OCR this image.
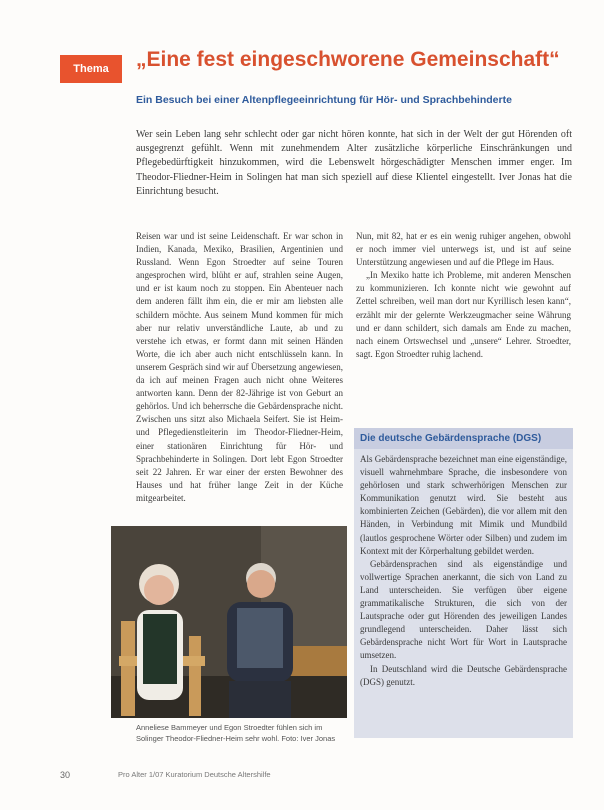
Thema	„Eine fest eingeschworene Gemeinschaft“
Ein Besuch bei einer Altenpflegeeinrichtung für Hör- und Sprachbehinderte

Wer sein Leben lang sehr schlecht oder gar nicht hören konnte, hat sich in der Welt der gut Hörenden oft ausgegrenzt gefühlt. Wenn mit zunehmendem Alter zusätzliche körperliche Einschränkungen und Pflegebedürftigkeit hinzukommen, wird die Lebenswelt hörgeschädigter Menschen immer enger. Im Theodor-Fliedner-Heim in Solingen hat man sich speziell auf diese Klientel eingestellt. Iver Jonas hat die Einrichtung besucht.

Reisen war und ist seine Leidenschaft. Er war schon in Indien, Kanada, Mexiko, Brasilien, Argentinien und Russland. Wenn Egon Stroedter auf seine Touren angesprochen wird, blüht er auf, strahlen seine Augen, und er ist kaum noch zu stoppen. Ein Abenteuer nach dem anderen fällt ihm ein, die er mir am liebsten alle schildern möchte. Aus seinem Mund kommen für mich aber nur relativ unverständliche Laute, ab und zu verstehe ich etwas, er formt dann mit seinen Händen Worte, die ich aber auch nicht entschlüsseln kann. In unserem Gespräch sind wir auf Übersetzung angewiesen, da ich auf meinen Fragen auch nicht ohne Weiteres antworten kann. Denn der 82-Jährige ist von Geburt an gehörlos. Und ich beherrsche die Gebärdensprache nicht. Zwischen uns sitzt also Michaela Seifert. Sie ist Heim- und Pflegedienstleiterin im Theodor-Fliedner-Heim, einer stationären Einrichtung für Hör- und Sprachbehinderte in Solingen. Dort lebt Egon Stroedter seit 22 Jahren. Er war einer der ersten Bewohner des Hauses und hat früher lange Zeit in der Küche mitgearbeitet.

Nun, mit 82, hat er es ein wenig ruhiger angehen, obwohl er noch immer viel unterwegs ist, und ist auf seine Unterstützung angewiesen und auf die Pflege im Haus.

„In Mexiko hatte ich Probleme, mit anderen Menschen zu kommunizieren. Ich konnte nicht wie gewohnt auf Zettel schreiben, weil man dort nur Kyrillisch lesen kann“, erzählt mir der gelernte Werkzeugmacher seine Währung und er dann schildert, sich damals am Ende zu machen, nach einem Ortswechsel und „unsere“ Lehrer. Stroedter, sagt. Egon Stroedter ruhig lachend.

Die deutsche Gebärdensprache (DGS)

Als Gebärdensprache bezeichnet man eine eigenständige, visuell wahrnehmbare Sprache, die insbesondere von gehörlosen und stark schwerhörigen Menschen zur Kommunikation genutzt wird. Sie besteht aus kombinierten Zeichen (Gebärden), die vor allem mit den Händen, in Verbindung mit Mimik und Mundbild (lautlos gesprochene Wörter oder Silben) und zudem im Kontext mit der Körperhaltung gebildet werden.

Gebärdensprachen sind als eigenständige und vollwertige Sprachen anerkannt, die sich von Land zu Land unterscheiden. Sie verfügen über eigene grammatikalische Strukturen, die sich von der Lautsprache oder gut Hörenden des jeweiligen Landes grundlegend unterscheiden. Daher lässt sich Gebärdensprache nicht Wort für Wort in Lautsprache umsetzen.

In Deutschland wird die Deutsche Gebärdensprache (DGS) genutzt.

Anneliese Bammeyer und Egon Stroedter fühlen sich im Solinger Theodor-Fliedner-Heim sehr wohl. Foto: Iver Jonas

30	Pro Alter 1/07 Kuratorium Deutsche Altershilfe
